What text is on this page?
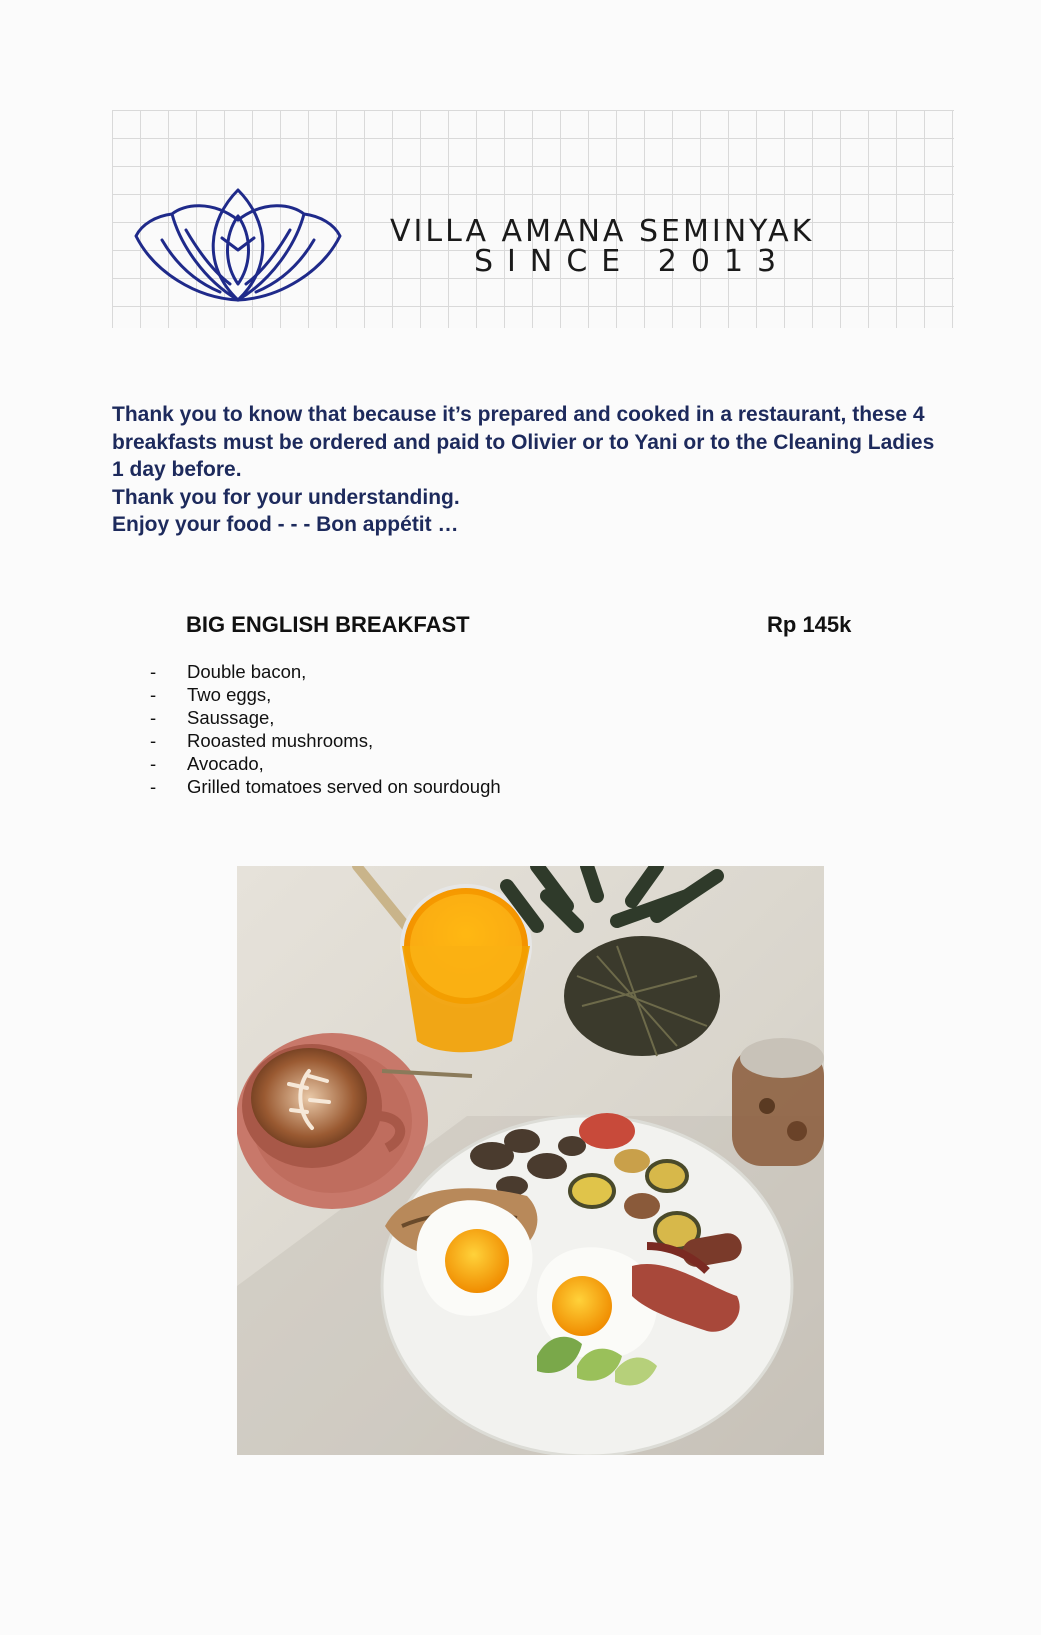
VILLA AMANA SEMINYAK
SINCE 2013

Thank you to know that because it’s prepared and cooked in a restaurant, these 4 breakfasts must be ordered and paid to Olivier or to Yani or to the Cleaning Ladies 1 day before.

Thank you for your understanding.

Enjoy your food - - - Bon appétit …

BIG ENGLISH BREAKFAST	Rp 145k
- Double bacon,
- Two eggs,
- Saussage,
- Rooasted mushrooms,
- Avocado,
- Grilled tomatoes served on sourdough
